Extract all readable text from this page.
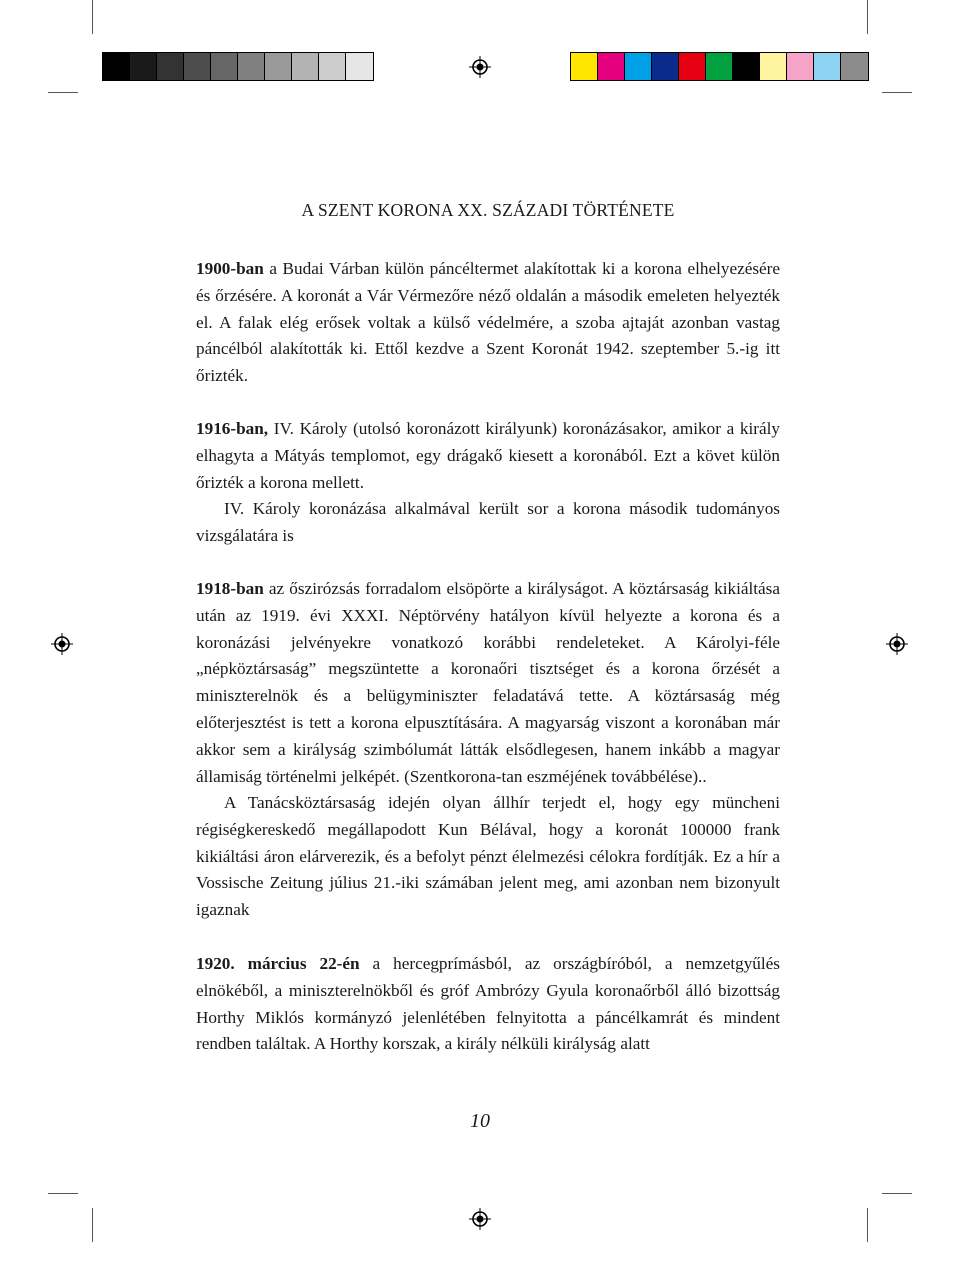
A SZENT KORONA XX. SZÁZADI TÖRTÉNETE

1900-ban a Budai Várban külön páncéltermet alakítottak ki a korona elhelyezésére és őrzésére. A koronát a Vár Vérmezőre néző oldalán a második emeleten helyezték el. A falak elég erősek voltak a külső védelmére, a szoba ajtaját azonban vastag páncélból alakították ki. Ettől kezdve a Szent Koronát 1942. szeptember 5.-ig itt őrizték.

1916-ban, IV. Károly (utolsó koronázott királyunk) koronázásakor, amikor a király elhagyta a Mátyás templomot, egy drágakő kiesett a koronából. Ezt a követ külön őrizték a korona mellett.

IV. Károly koronázása alkalmával került sor a korona második tudományos vizsgálatára is

1918-ban az őszirózsás forradalom elsöpörte a királyságot. A köztársaság kikiáltása után az 1919. évi XXXI. Néptörvény hatályon kívül helyezte a korona és a koronázási jelvényekre vonatkozó korábbi rendeleteket. A Károlyi-féle „népköztársaság” megszüntette a koronaőri tisztséget és a korona őrzését a miniszterelnök és a belügyminiszter feladatává tette. A köztársaság még előterjesztést is tett a korona elpusztítására. A magyarság viszont a koronában már akkor sem a királyság szimbólumát látták elsődlegesen, hanem inkább a magyar államiság történelmi jelképét. (Szentkorona-tan eszméjének továbbélése)..

A Tanácsköztársaság idején olyan állhír terjedt el, hogy egy müncheni régiségkereskedő megállapodott Kun Bélával, hogy a koronát 100000 frank kikiáltási áron elárverezik, és a befolyt pénzt élelmezési célokra fordítják. Ez a hír a Vossische Zeitung július 21.-iki számában jelent meg, ami azonban nem bizonyult igaznak

1920. március 22-én a hercegprímásból, az országbíróból, a nemzetgyűlés elnökéből, a miniszterelnökből és gróf Ambrózy Gyula koronaőrből álló bizottság Horthy Miklós kormányzó jelenlétében felnyitotta a páncélkamrát és mindent rendben találtak. A Horthy korszak, a király nélküli királyság alatt

10
